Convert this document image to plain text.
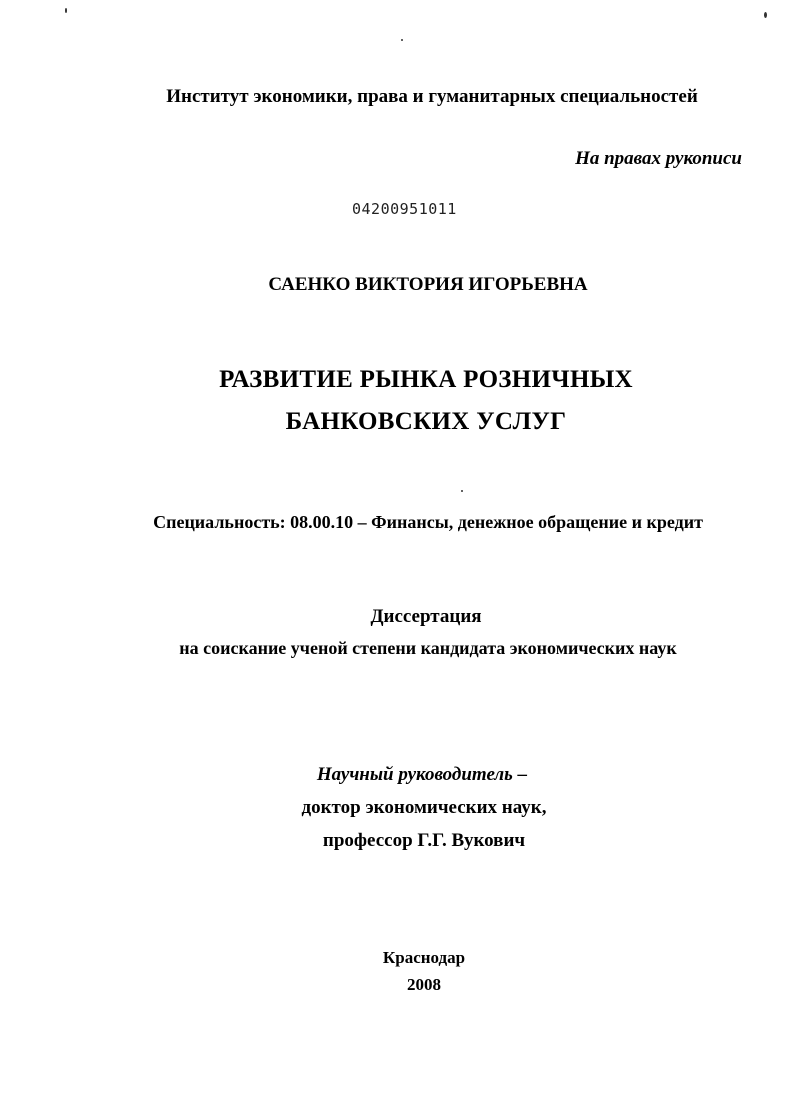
Институт экономики, права и гуманитарных специальностей
На правах рукописи
04200951011
САЕНКО ВИКТОРИЯ ИГОРЬЕВНА
РАЗВИТИЕ РЫНКА РОЗНИЧНЫХ
БАНКОВСКИХ УСЛУГ
Специальность: 08.00.10 – Финансы, денежное обращение и кредит
Диссертация
на соискание ученой степени кандидата экономических наук
Научный руководитель –
доктор экономических наук,
профессор Г.Г. Вукович
Краснодар
2008
